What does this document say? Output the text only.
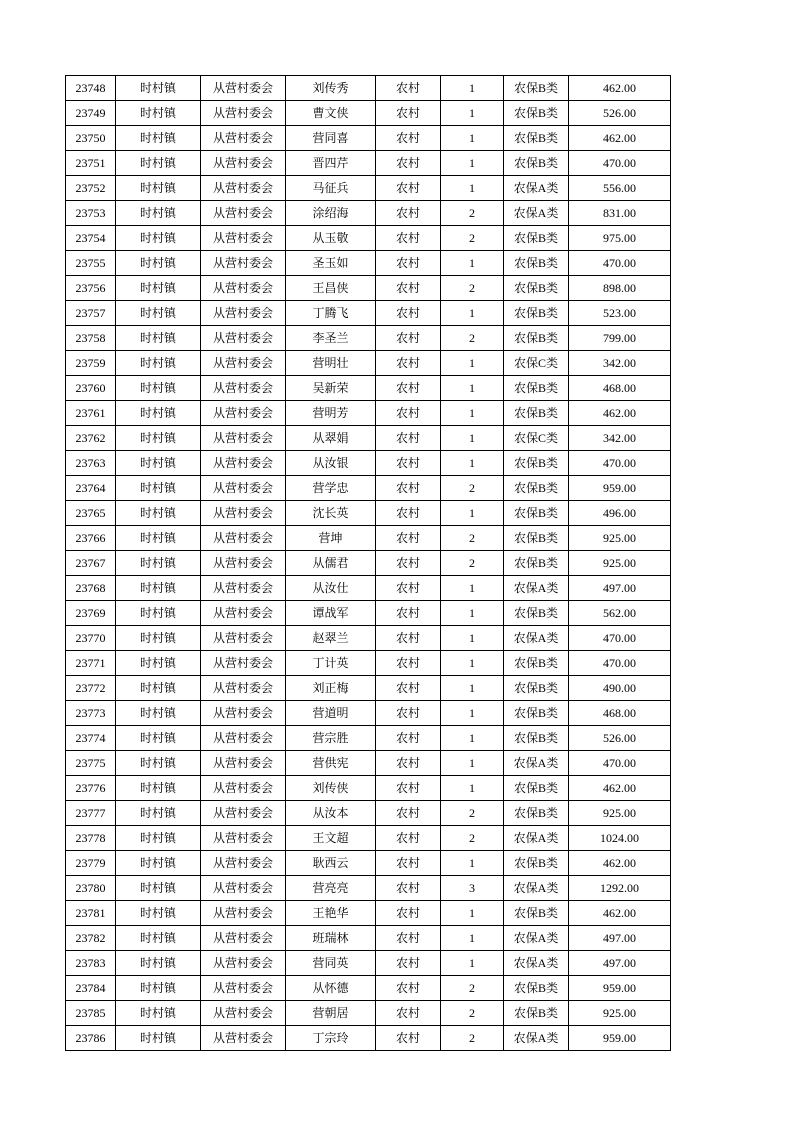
23748	时村镇	从营村委会	刘传秀	农村	1	农保B类	462.00
23749	时村镇	从营村委会	曹文侠	农村	1	农保B类	526.00
23750	时村镇	从营村委会	营同喜	农村	1	农保B类	462.00
23751	时村镇	从营村委会	晋四芹	农村	1	农保B类	470.00
23752	时村镇	从营村委会	马征兵	农村	1	农保A类	556.00
23753	时村镇	从营村委会	涂绍海	农村	2	农保A类	831.00
23754	时村镇	从营村委会	从玉敬	农村	2	农保B类	975.00
23755	时村镇	从营村委会	圣玉如	农村	1	农保B类	470.00
23756	时村镇	从营村委会	王昌侠	农村	2	农保B类	898.00
23757	时村镇	从营村委会	丁腾飞	农村	1	农保B类	523.00
23758	时村镇	从营村委会	李圣兰	农村	2	农保B类	799.00
23759	时村镇	从营村委会	营明壮	农村	1	农保C类	342.00
23760	时村镇	从营村委会	吴新荣	农村	1	农保B类	468.00
23761	时村镇	从营村委会	营明芳	农村	1	农保B类	462.00
23762	时村镇	从营村委会	从翠娟	农村	1	农保C类	342.00
23763	时村镇	从营村委会	从汝银	农村	1	农保B类	470.00
23764	时村镇	从营村委会	营学忠	农村	2	农保B类	959.00
23765	时村镇	从营村委会	沈长英	农村	1	农保B类	496.00
23766	时村镇	从营村委会	营坤	农村	2	农保B类	925.00
23767	时村镇	从营村委会	从儒君	农村	2	农保B类	925.00
23768	时村镇	从营村委会	从汝仕	农村	1	农保A类	497.00
23769	时村镇	从营村委会	谭战军	农村	1	农保B类	562.00
23770	时村镇	从营村委会	赵翠兰	农村	1	农保A类	470.00
23771	时村镇	从营村委会	丁计英	农村	1	农保B类	470.00
23772	时村镇	从营村委会	刘正梅	农村	1	农保B类	490.00
23773	时村镇	从营村委会	营道明	农村	1	农保B类	468.00
23774	时村镇	从营村委会	营宗胜	农村	1	农保B类	526.00
23775	时村镇	从营村委会	营供宪	农村	1	农保A类	470.00
23776	时村镇	从营村委会	刘传侠	农村	1	农保B类	462.00
23777	时村镇	从营村委会	从汝本	农村	2	农保B类	925.00
23778	时村镇	从营村委会	王文超	农村	2	农保A类	1024.00
23779	时村镇	从营村委会	耿西云	农村	1	农保B类	462.00
23780	时村镇	从营村委会	营亮亮	农村	3	农保A类	1292.00
23781	时村镇	从营村委会	王艳华	农村	1	农保B类	462.00
23782	时村镇	从营村委会	班瑞林	农村	1	农保A类	497.00
23783	时村镇	从营村委会	营同英	农村	1	农保A类	497.00
23784	时村镇	从营村委会	从怀德	农村	2	农保B类	959.00
23785	时村镇	从营村委会	营朝居	农村	2	农保B类	925.00
23786	时村镇	从营村委会	丁宗玲	农村	2	农保A类	959.00
